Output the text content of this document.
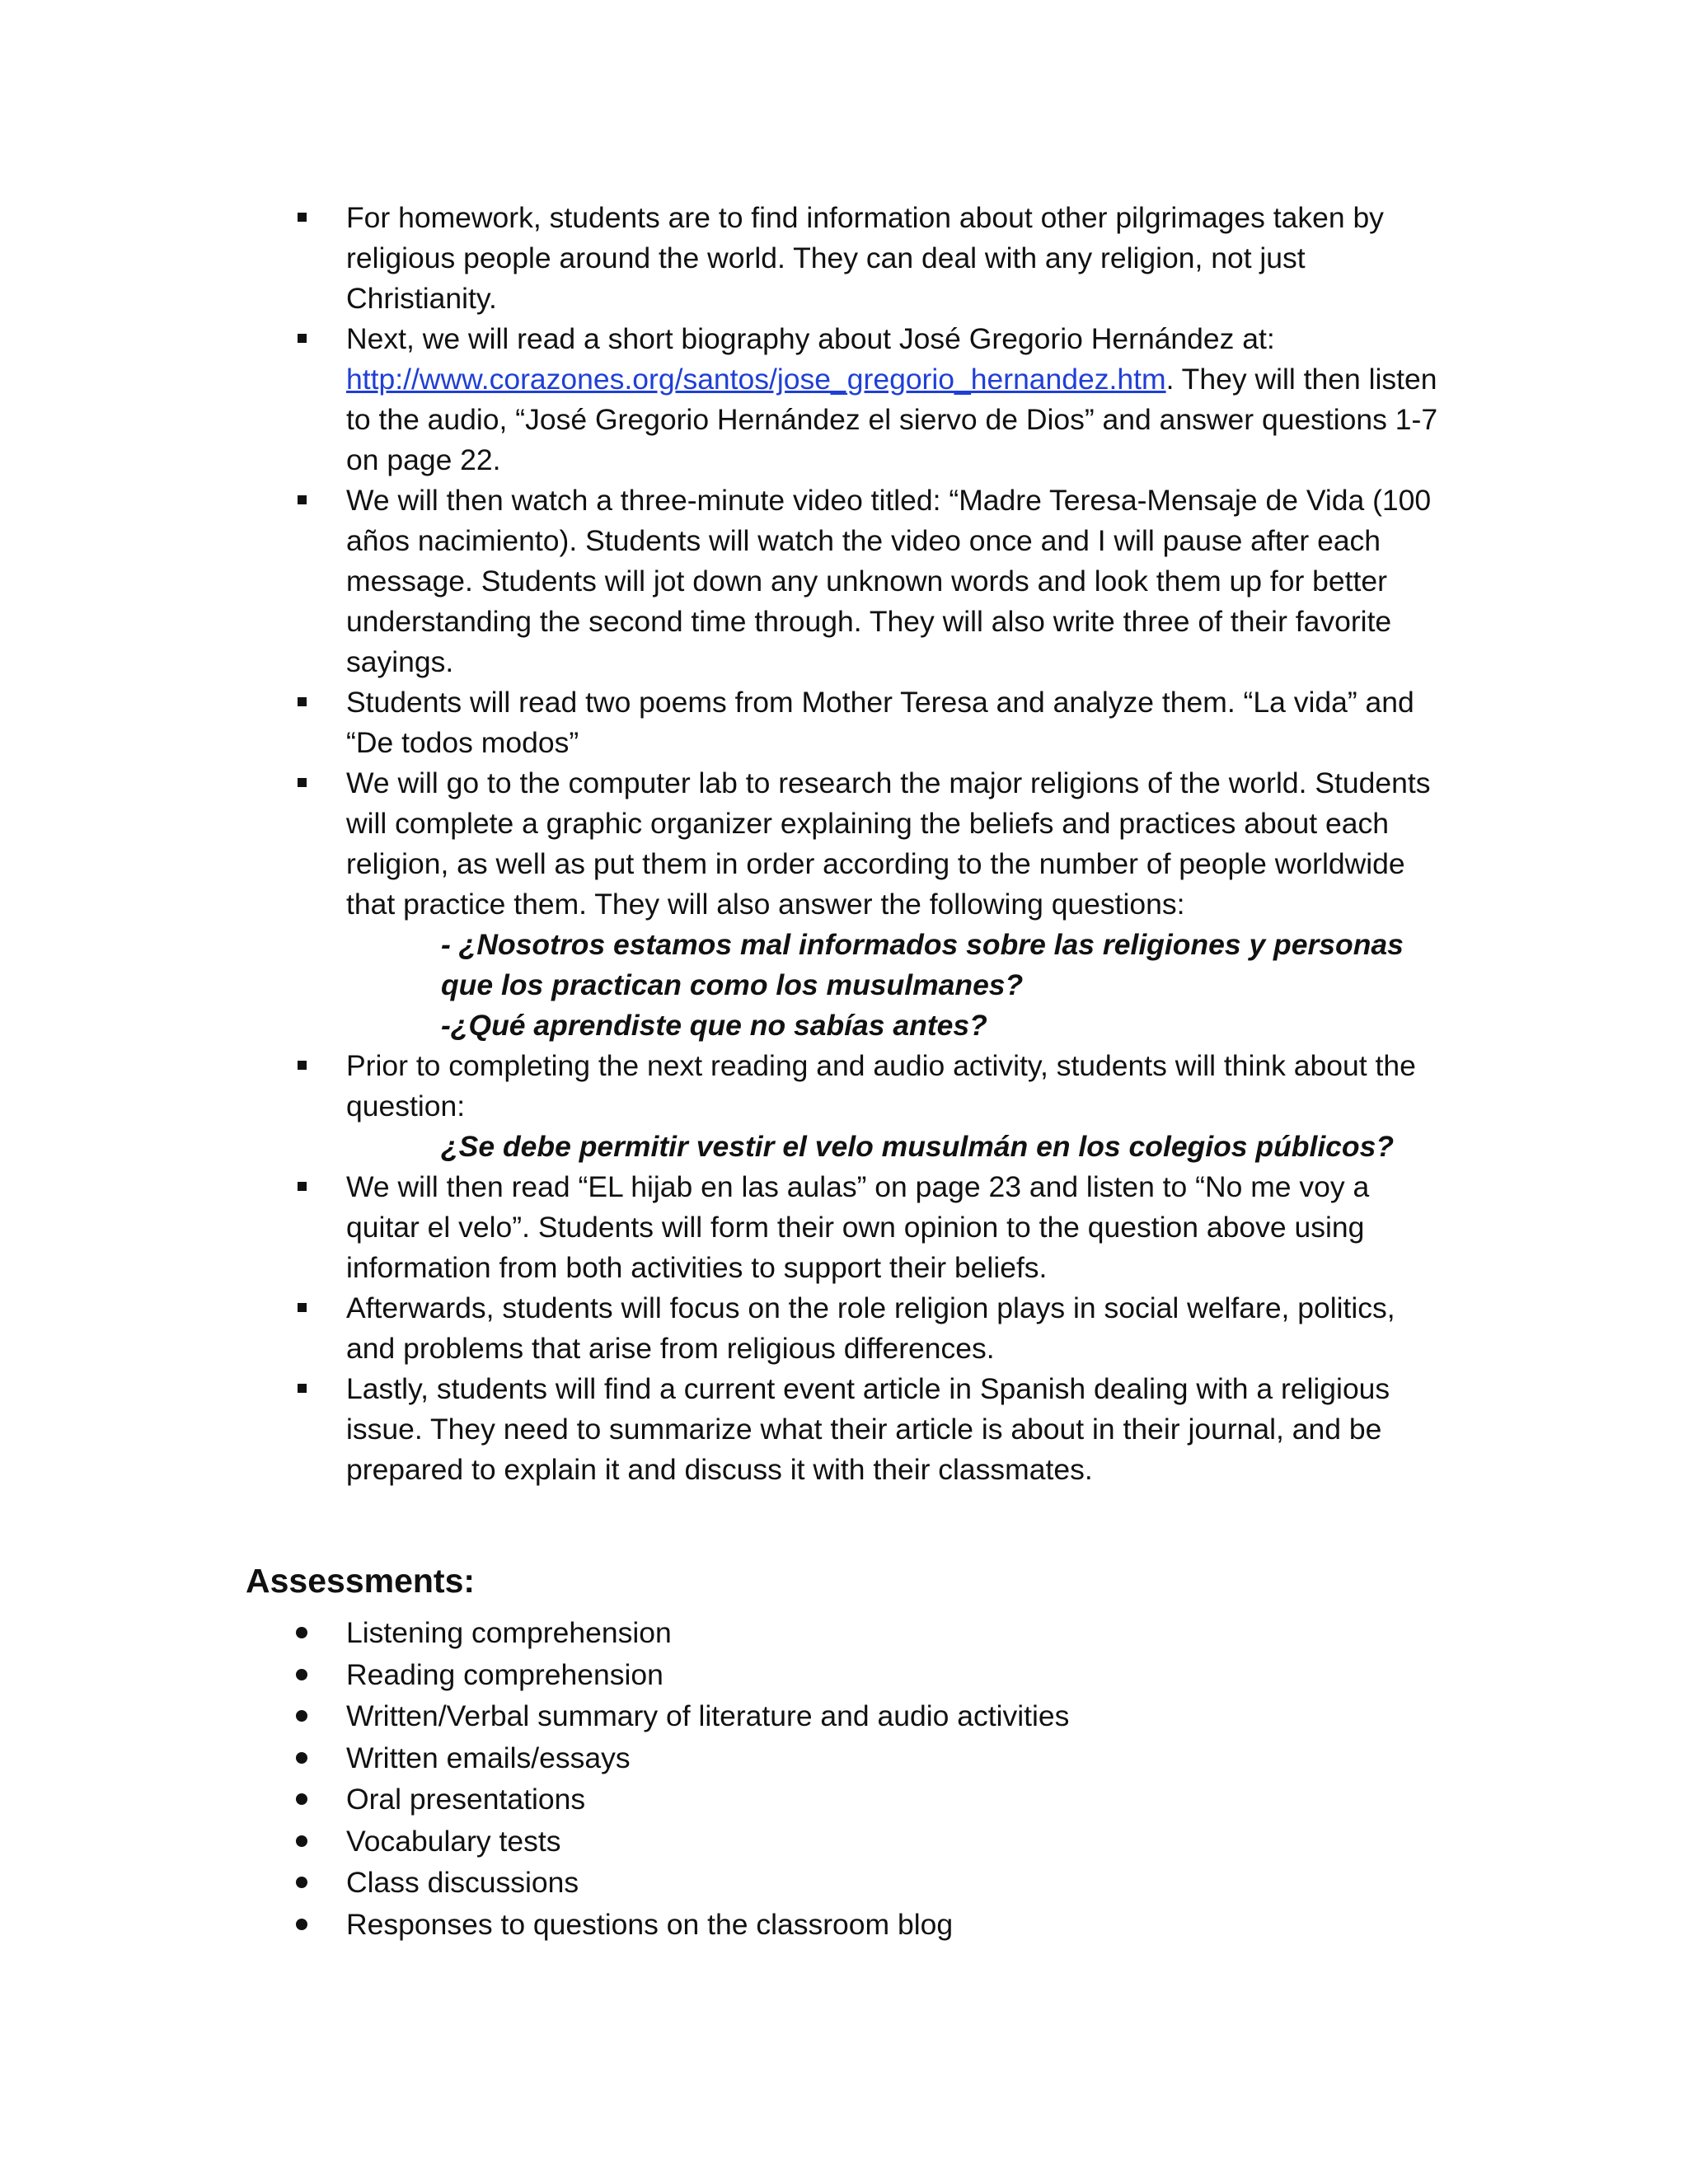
For homework, students are to find information about other pilgrimages taken by religious people around the world. They can deal with any religion, not just Christianity.
Next, we will read a short biography about José Gregorio Hernández at: http://www.corazones.org/santos/jose_gregorio_hernandez.htm. They will then listen to the audio, “José Gregorio Hernández el siervo de Dios” and answer questions 1-7 on page 22.
We will then watch a three-minute video titled: “Madre Teresa-Mensaje de Vida (100 años nacimiento). Students will watch the video once and I will pause after each message. Students will jot down any unknown words and look them up for better understanding the second time through. They will also write three of their favorite sayings.
Students will read two poems from Mother Teresa and analyze them. “La vida” and “De todos modos”
We will go to the computer lab to research the major religions of the world. Students will complete a graphic organizer explaining the beliefs and practices about each religion, as well as put them in order according to the number of people worldwide that practice them. They will also answer the following questions:
- ¿Nosotros estamos mal informados sobre las religiones y personas que los practican como los musulmanes?
-¿Qué aprendiste que no sabías antes?
Prior to completing the next reading and audio activity, students will think about the question:
¿Se debe permitir vestir el velo musulmán en los colegios públicos?
We will then read “EL hijab en las aulas” on page 23 and listen to “No me voy a quitar el velo”. Students will form their own opinion to the question above using information from both activities to support their beliefs.
Afterwards, students will focus on the role religion plays in social welfare, politics, and problems that arise from religious differences.
Lastly, students will find a current event article in Spanish dealing with a religious issue. They need to summarize what their article is about in their journal, and be prepared to explain it and discuss it with their classmates.
Assessments:
Listening comprehension
Reading comprehension
Written/Verbal summary of literature and audio activities
Written emails/essays
Oral presentations
Vocabulary tests
Class discussions
Responses to questions on the classroom blog
